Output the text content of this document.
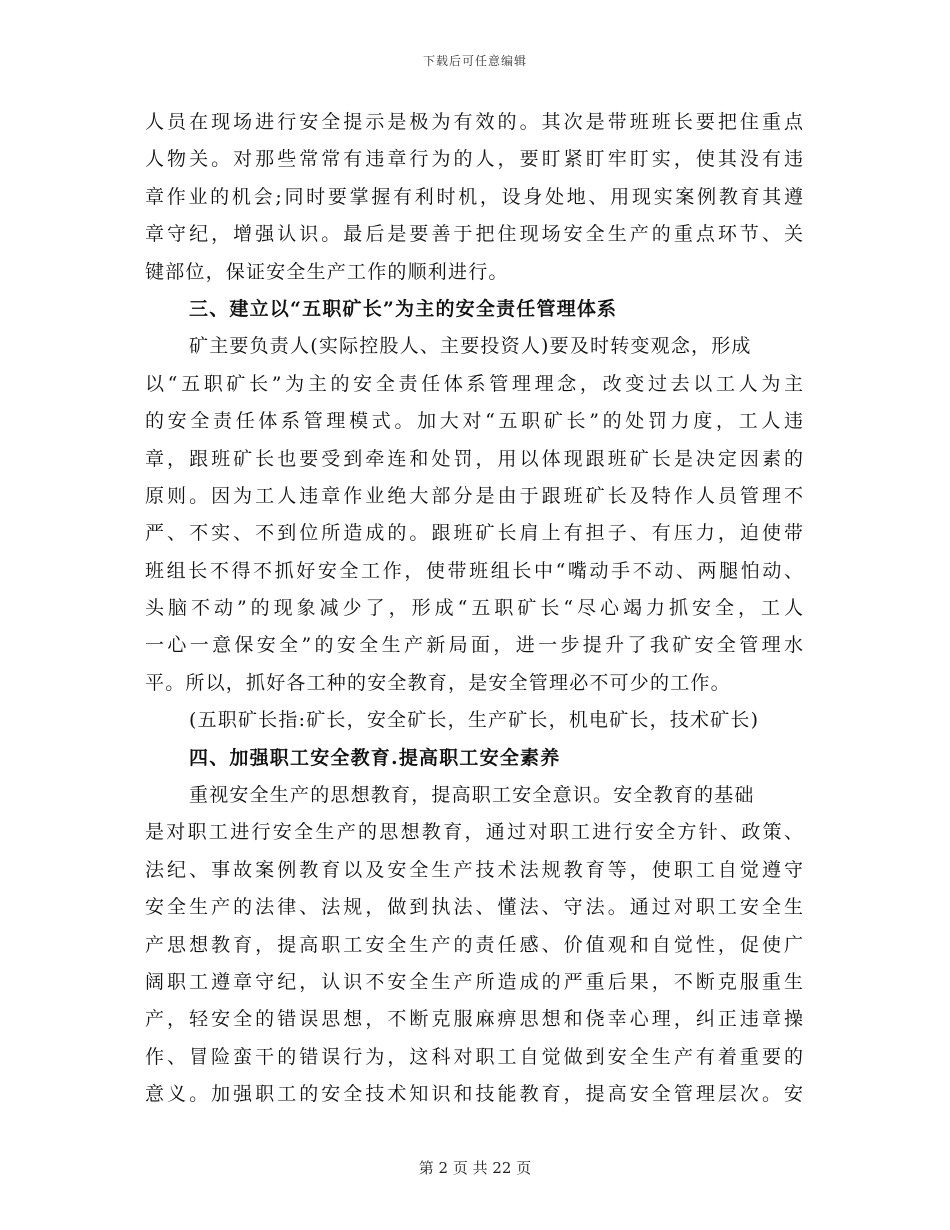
下载后可任意编辑
人员在现场进行安全提示是极为有效的。其次是带班班长要把住重点
人物关。对那些常常有违章行为的人，要盯紧盯牢盯实，使其没有违
章作业的机会;同时要掌握有利时机，设身处地、用现实案例教育其遵
章守纪，增强认识。最后是要善于把住现场安全生产的重点环节、关
键部位，保证安全生产工作的顺利进行。
三、建立以“五职矿长”为主的安全责任管理体系
矿主要负责人(实际控股人、主要投资人)要及时转变观念，形成
以“五职矿长”为主的安全责任体系管理理念，改变过去以工人为主
的安全责任体系管理模式。加大对“五职矿长”的处罚力度，工人违
章，跟班矿长也要受到牵连和处罚，用以体现跟班矿长是决定因素的
原则。因为工人违章作业绝大部分是由于跟班矿长及特作人员管理不
严、不实、不到位所造成的。跟班矿长肩上有担子、有压力，迫使带
班组长不得不抓好安全工作，使带班组长中“嘴动手不动、两腿怕动、
头脑不动”的现象减少了，形成“五职矿长“尽心竭力抓安全，工人
一心一意保安全”的安全生产新局面，进一步提升了我矿安全管理水
平。所以，抓好各工种的安全教育，是安全管理必不可少的工作。
(五职矿长指:矿长，安全矿长，生产矿长，机电矿长，技术矿长)
四、加强职工安全教育.提高职工安全素养
重视安全生产的思想教育，提高职工安全意识。安全教育的基础
是对职工进行安全生产的思想教育，通过对职工进行安全方针、政策、
法纪、事故案例教育以及安全生产技术法规教育等，使职工自觉遵守
安全生产的法律、法规，做到执法、懂法、守法。通过对职工安全生
产思想教育，提高职工安全生产的责任感、价值观和自觉性，促使广
阔职工遵章守纪，认识不安全生产所造成的严重后果，不断克服重生
产，轻安全的错误思想，不断克服麻痹思想和侥幸心理，纠正违章操
作、冒险蛮干的错误行为，这科对职工自觉做到安全生产有着重要的
意义。加强职工的安全技术知识和技能教育，提高安全管理层次。安
第 2 页 共 22 页
